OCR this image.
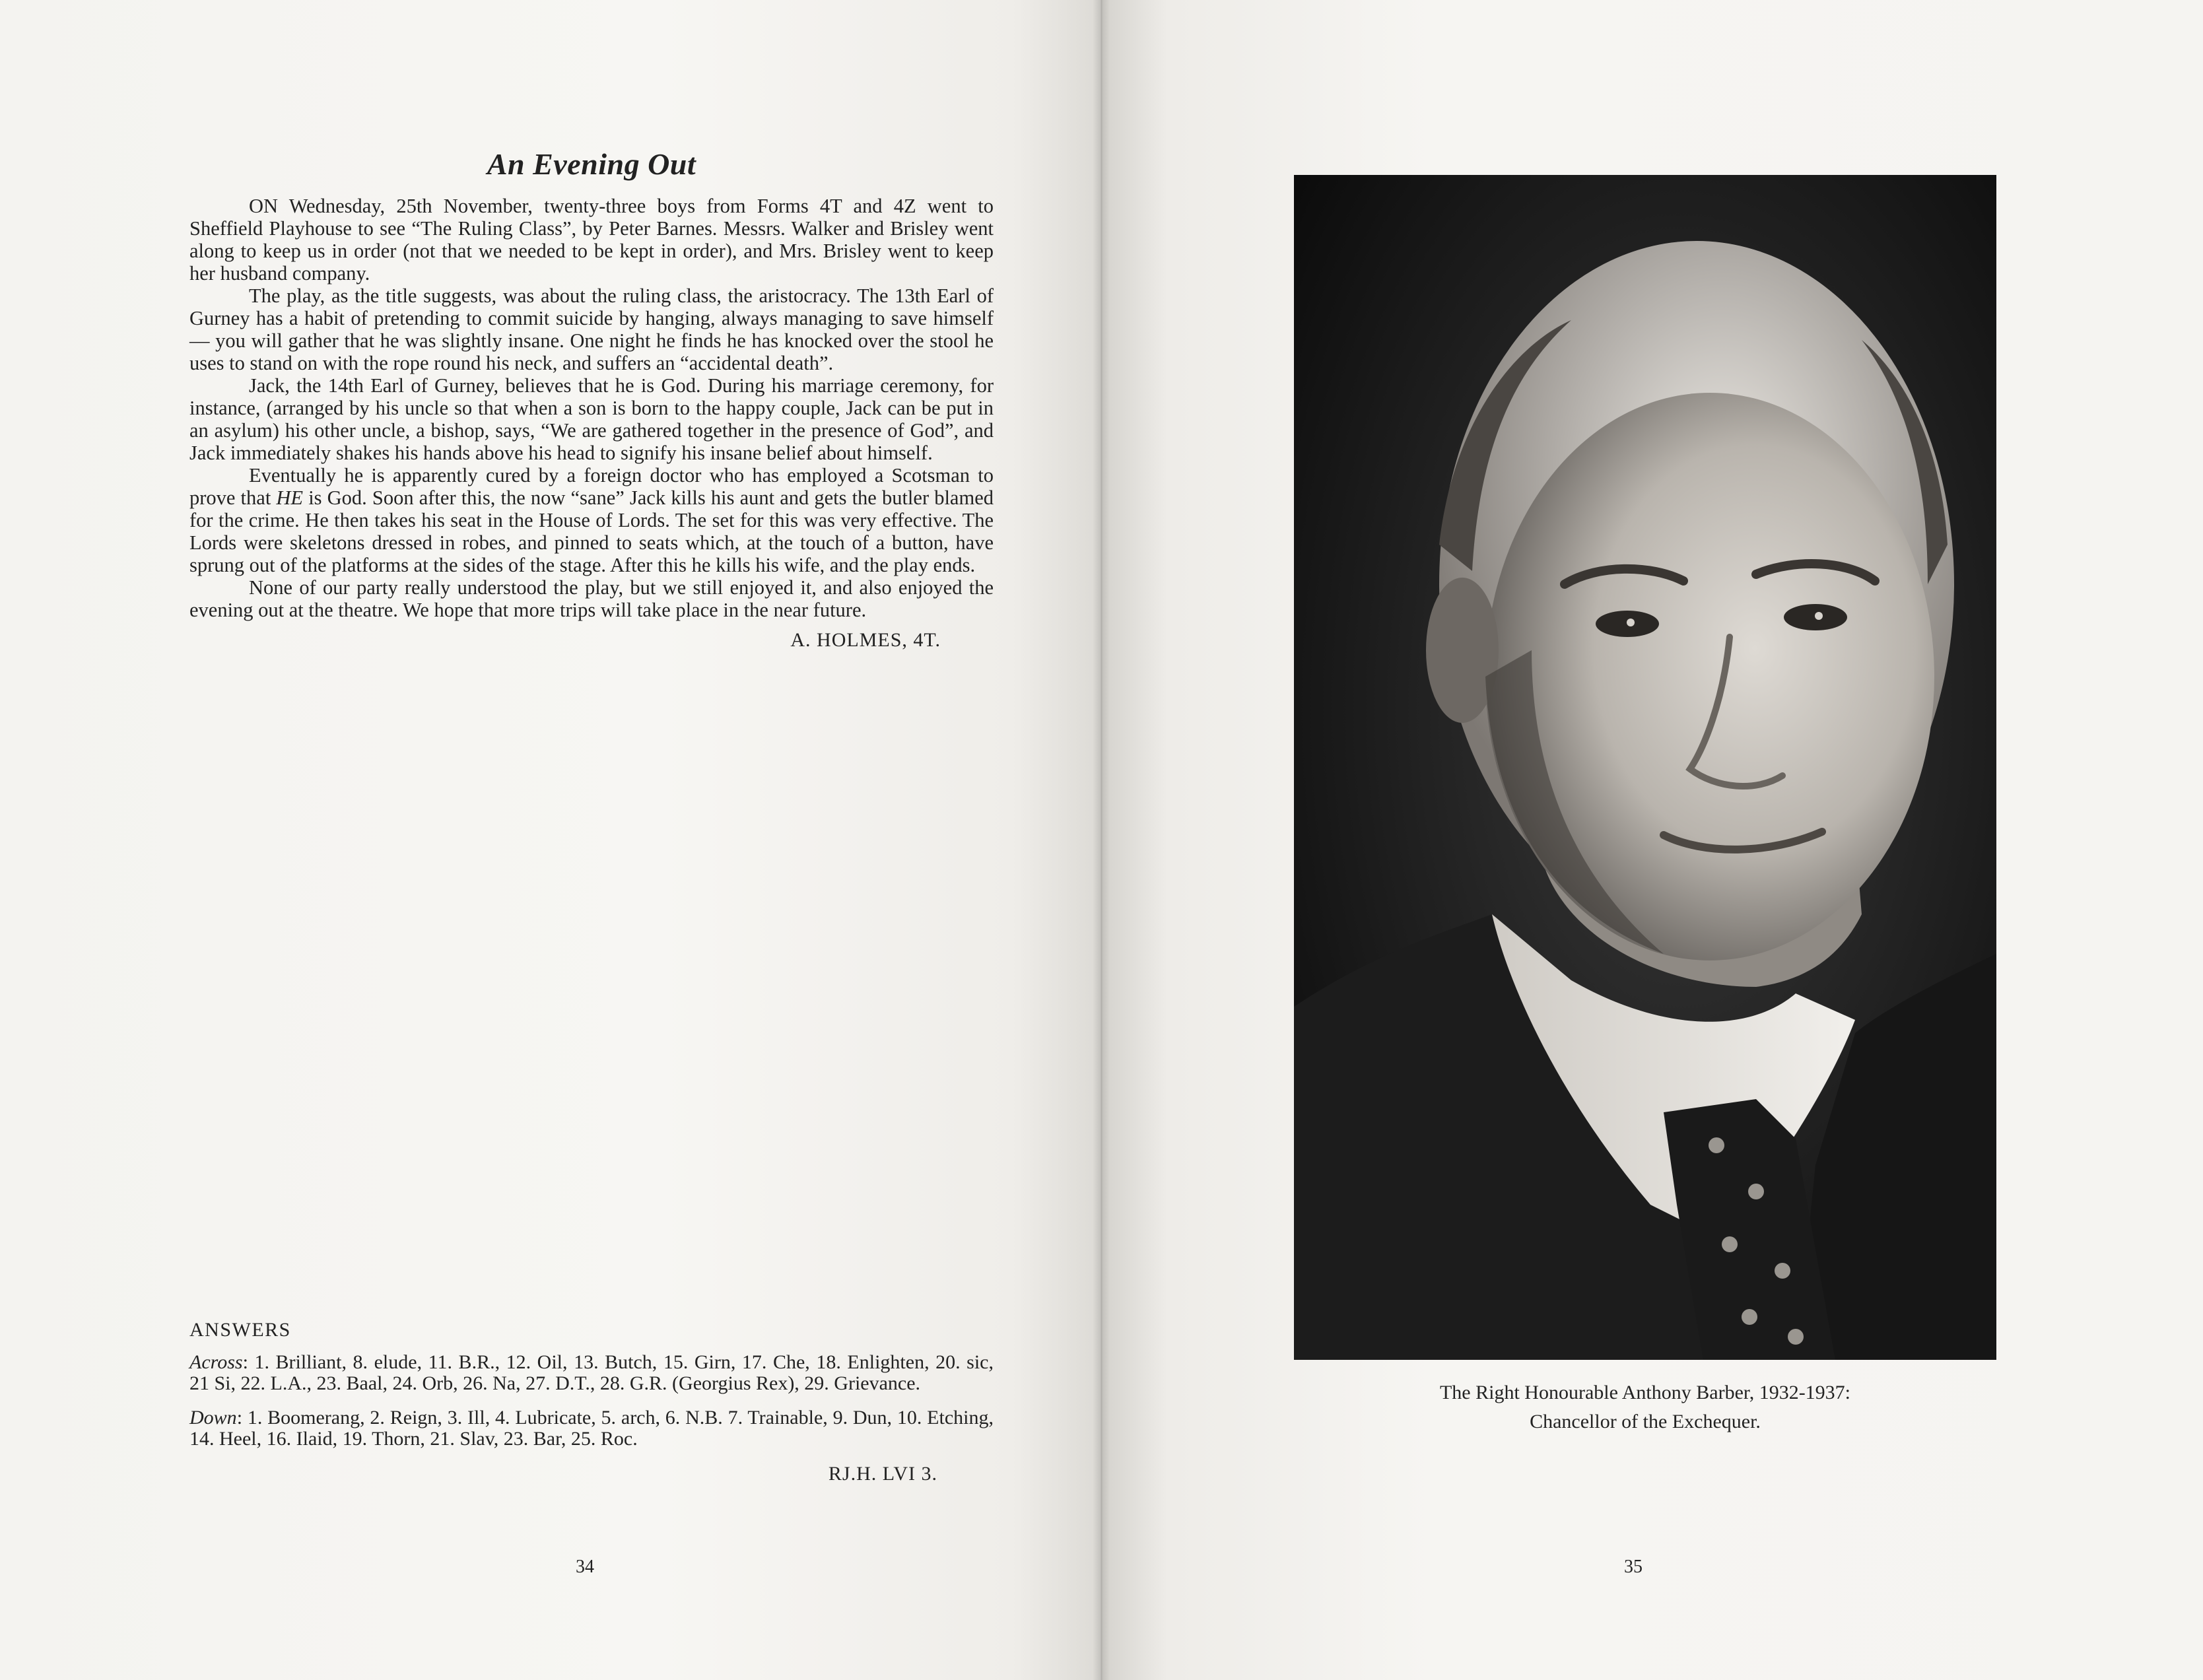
An Evening Out

ON Wednesday, 25th November, twenty-three boys from Forms 4T and 4Z went to Sheffield Playhouse to see “The Ruling Class”, by Peter Barnes. Messrs. Walker and Brisley went along to keep us in order (not that we needed to be kept in order), and Mrs. Brisley went to keep her husband company.

The play, as the title suggests, was about the ruling class, the aristocracy. The 13th Earl of Gurney has a habit of pretending to commit suicide by hanging, always managing to save himself — you will gather that he was slightly insane. One night he finds he has knocked over the stool he uses to stand on with the rope round his neck, and suffers an “accidental death”.

Jack, the 14th Earl of Gurney, believes that he is God. During his marriage ceremony, for instance, (arranged by his uncle so that when a son is born to the happy couple, Jack can be put in an asylum) his other uncle, a bishop, says, “We are gathered together in the presence of God”, and Jack immediately shakes his hands above his head to signify his insane belief about himself.

Eventually he is apparently cured by a foreign doctor who has employed a Scotsman to prove that HE is God. Soon after this, the now “sane” Jack kills his aunt and gets the butler blamed for the crime. He then takes his seat in the House of Lords. The set for this was very effective. The Lords were skeletons dressed in robes, and pinned to seats which, at the touch of a button, have sprung out of the platforms at the sides of the stage. After this he kills his wife, and the play ends.

None of our party really understood the play, but we still enjoyed it, and also enjoyed the evening out at the theatre. We hope that more trips will take place in the near future.

A. HOLMES, 4T.
ANSWERS

Across: 1. Brilliant, 8. elude, 11. B.R., 12. Oil, 13. Butch, 15. Girn, 17. Che, 18. Enlighten, 20. sic, 21 Si, 22. L.A., 23. Baal, 24. Orb, 26. Na, 27. D.T., 28. G.R. (Georgius Rex), 29. Grievance.

Down: 1. Boomerang, 2. Reign, 3. Ill, 4. Lubricate, 5. arch, 6. N.B. 7. Trainable, 9. Dun, 10. Etching, 14. Heel, 16. Ilaid, 19. Thorn, 21. Slav, 23. Bar, 25. Roc.

RJ.H. LVI 3.
34	35
The Right Honourable Anthony Barber, 1932-1937:
Chancellor of the Exchequer.
